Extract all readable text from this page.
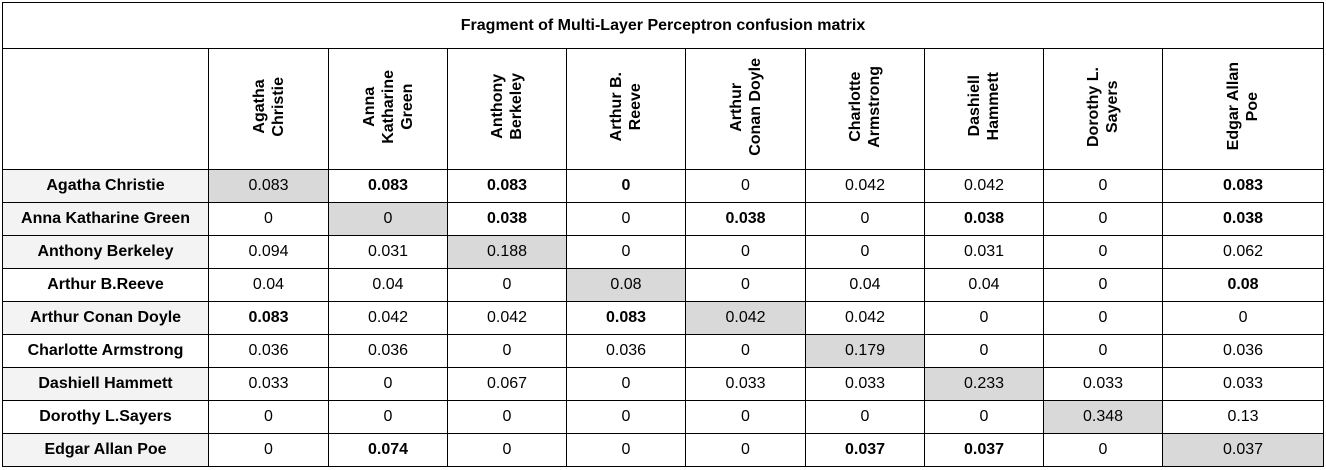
Fragment of Multi-Layer Perceptron confusion matrix									

	Agatha Christie	Anna Katharine Green	Anthony Berkeley	Arthur B. Reeve	Arthur Conan Doyle	Charlotte Armstrong	Dashiell Hammett	Dorothy L. Sayers	Edgar Allan Poe

Agatha Christie	0.083	0.083	0.083	0	0	0.042	0.042	0	0.083
Anna Katharine Green	0	0	0.038	0	0.038	0	0.038	0	0.038
Anthony Berkeley	0.094	0.031	0.188	0	0	0	0.031	0	0.062
Arthur B.Reeve	0.04	0.04	0	0.08	0	0.04	0.04	0	0.08
Arthur Conan Doyle	0.083	0.042	0.042	0.083	0.042	0.042	0	0	0
Charlotte Armstrong	0.036	0.036	0	0.036	0	0.179	0	0	0.036
Dashiell Hammett	0.033	0	0.067	0	0.033	0.033	0.233	0.033	0.033
Dorothy L.Sayers	0	0	0	0	0	0	0	0.348	0.13
Edgar Allan Poe	0	0.074	0	0	0	0.037	0.037	0	0.037
